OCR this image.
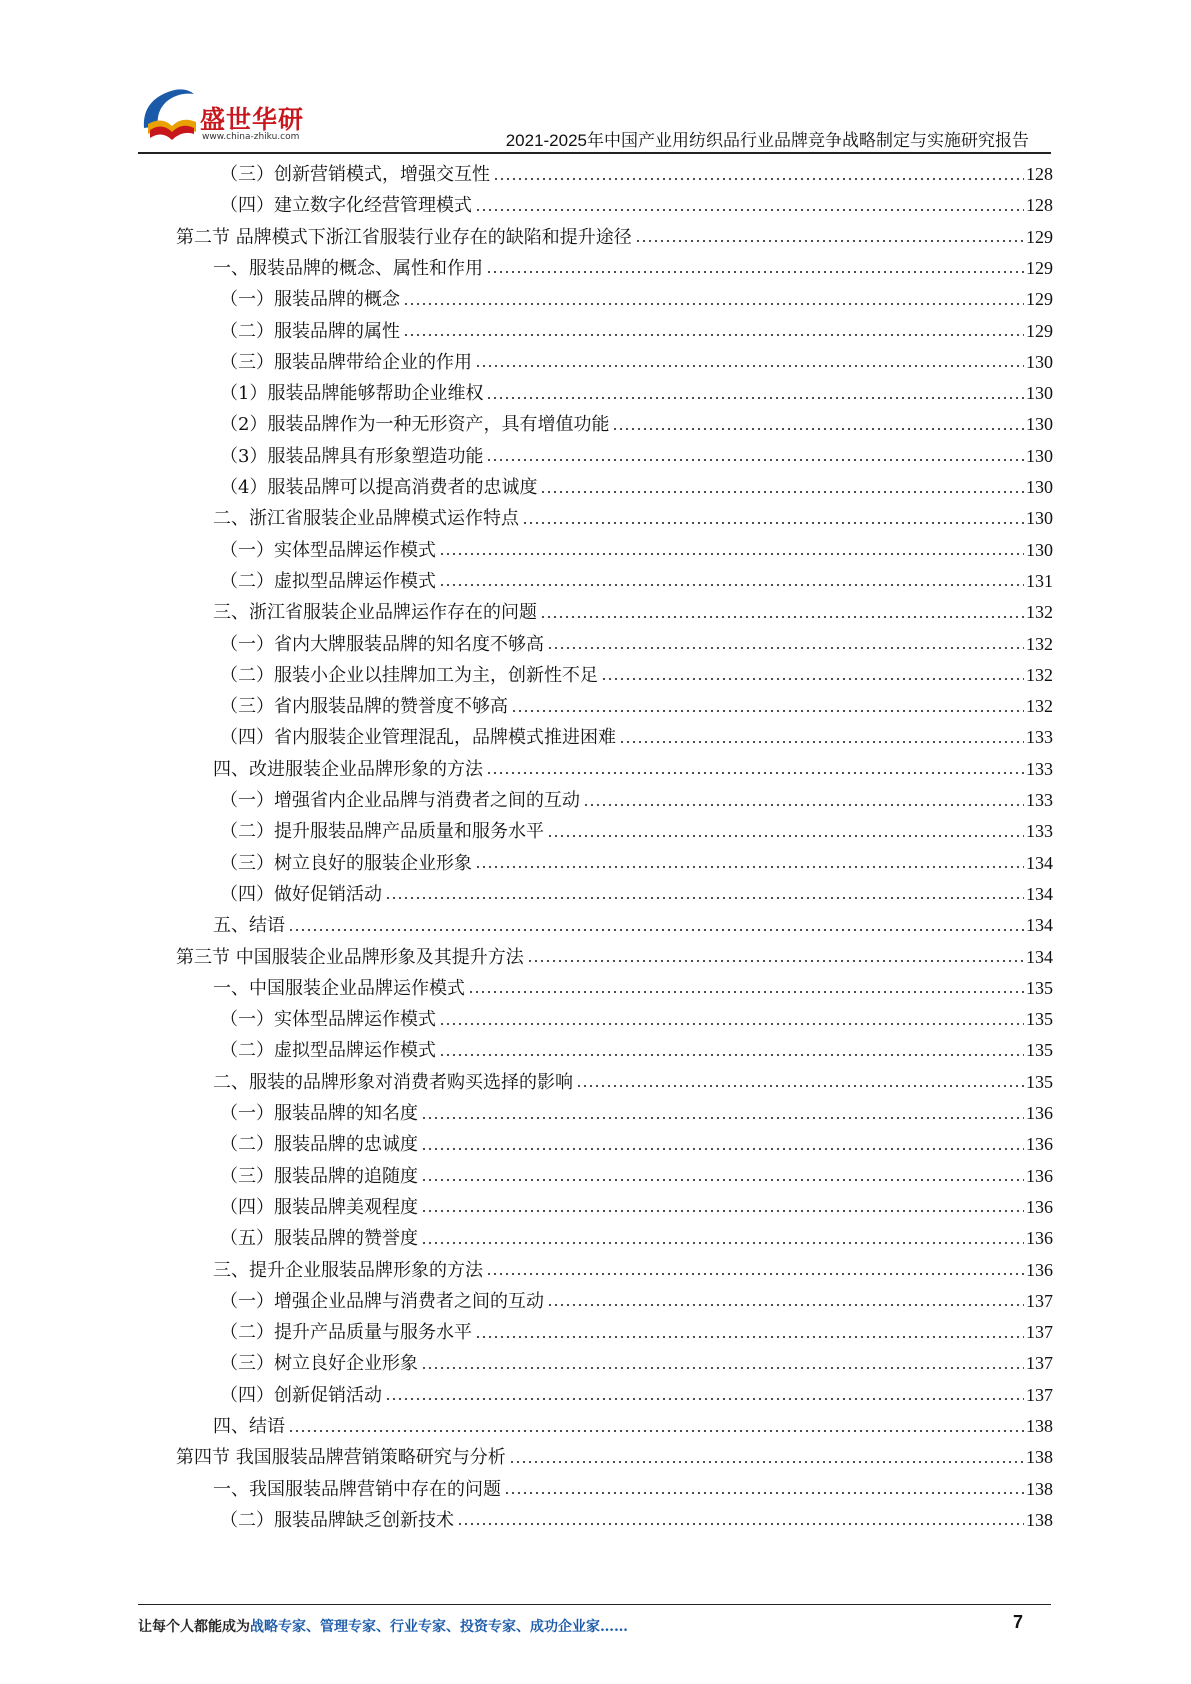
盛世华研
www.china-zhiku.com	2021-2025年中国产业用纺织品行业品牌竞争战略制定与实施研究报告
（三）创新营销模式，增强交互性	128
（四）建立数字化经营管理模式	128
第二节 品牌模式下浙江省服装行业存在的缺陷和提升途径	129
一、服装品牌的概念、属性和作用	129
（一）服装品牌的概念	129
（二）服装品牌的属性	129
（三）服装品牌带给企业的作用	130
（1）服装品牌能够帮助企业维权	130
（2）服装品牌作为一种无形资产，具有增值功能	130
（3）服装品牌具有形象塑造功能	130
（4）服装品牌可以提高消费者的忠诚度	130
二、浙江省服装企业品牌模式运作特点	130
（一）实体型品牌运作模式	130
（二）虚拟型品牌运作模式	131
三、浙江省服装企业品牌运作存在的问题	132
（一）省内大牌服装品牌的知名度不够高	132
（二）服装小企业以挂牌加工为主，创新性不足	132
（三）省内服装品牌的赞誉度不够高	132
（四）省内服装企业管理混乱，品牌模式推进困难	133
四、改进服装企业品牌形象的方法	133
（一）增强省内企业品牌与消费者之间的互动	133
（二）提升服装品牌产品质量和服务水平	133
（三）树立良好的服装企业形象	134
（四）做好促销活动	134
五、结语	134
第三节 中国服装企业品牌形象及其提升方法	134
一、中国服装企业品牌运作模式	135
（一）实体型品牌运作模式	135
（二）虚拟型品牌运作模式	135
二、服装的品牌形象对消费者购买选择的影响	135
（一）服装品牌的知名度	136
（二）服装品牌的忠诚度	136
（三）服装品牌的追随度	136
（四）服装品牌美观程度	136
（五）服装品牌的赞誉度	136
三、提升企业服装品牌形象的方法	136
（一）增强企业品牌与消费者之间的互动	137
（二）提升产品质量与服务水平	137
（三）树立良好企业形象	137
（四）创新促销活动	137
四、结语	138
第四节 我国服装品牌营销策略研究与分析	138
一、我国服装品牌营销中存在的问题	138
（二）服装品牌缺乏创新技术	138
让每个人都能成为战略专家、管理专家、行业专家、投资专家、成功企业家……	7
